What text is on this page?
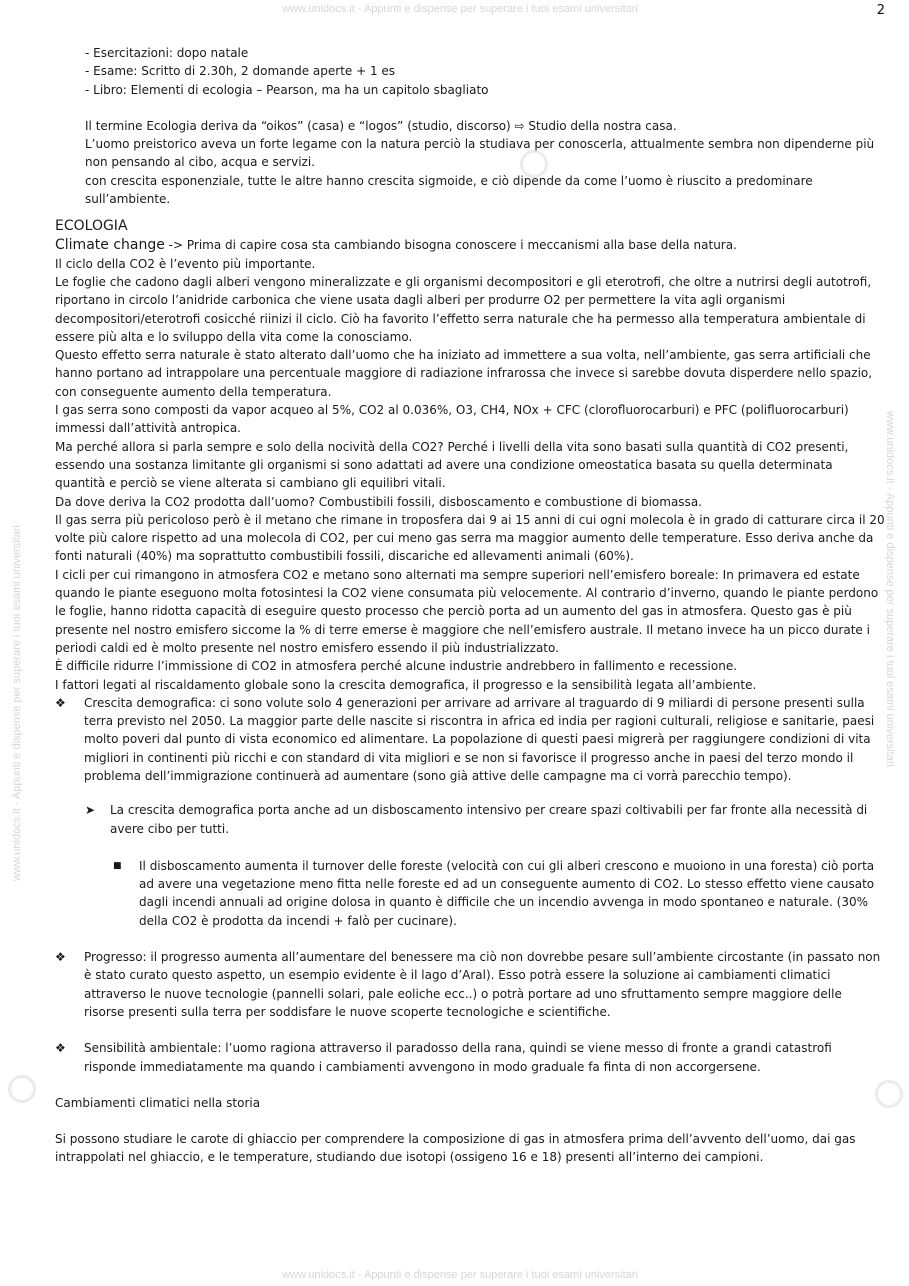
www.unidocs.it - Appunti e dispense per superare i tuoi esami universitari
www.unidocs.it - Appunti e dispense per superare i tuoi esami universitari
www.unidocs.it - Appunti e dispense per superare i tuoi esami universitari	www.unidocs.it - Appunti e dispense per superare i tuoi esami universitari
2
- Esercitazioni: dopo natale
- Esame: Scritto di 2.30h, 2 domande aperte + 1 es
- Libro: Elementi di ecologia – Pearson, ma ha un capitolo sbagliato
Il termine Ecologia deriva da “oikos” (casa) e “logos” (studio, discorso) ⇨ Studio della nostra casa.
L’uomo preistorico aveva un forte legame con la natura perciò la studiava per conoscerla, attualmente sembra non dipenderne più non pensando al cibo, acqua e servizi.
con crescita esponenziale, tutte le altre hanno crescita sigmoide, e ciò dipende da come l’uomo è riuscito a predominare sull’ambiente.
ECOLOGIA
Climate change -> Prima di capire cosa sta cambiando bisogna conoscere i meccanismi alla base della natura.
Il ciclo della CO2 è l’evento più importante.
Le foglie che cadono dagli alberi vengono mineralizzate e gli organismi decompositori e gli eterotrofi, che oltre a nutrirsi degli autotrofi, riportano in circolo l’anidride carbonica che viene usata dagli alberi per produrre O2 per permettere la vita agli organismi decompositori/eterotrofi cosicché riinizi il ciclo. Ciò ha favorito l’effetto serra naturale che ha permesso alla temperatura ambientale di essere più alta e lo sviluppo della vita come la conosciamo.
Questo effetto serra naturale è stato alterato dall’uomo che ha iniziato ad immettere a sua volta, nell’ambiente, gas serra artificiali che hanno portano ad intrappolare una percentuale maggiore di radiazione infrarossa che invece si sarebbe dovuta disperdere nello spazio, con conseguente aumento della temperatura.
I gas serra sono composti da vapor acqueo al 5%, CO2 al 0.036%, O3, CH4, NOx + CFC (clorofluorocarburi) e PFC (polifluorocarburi) immessi dall’attività antropica.
Ma perché allora si parla sempre e solo della nocività della CO2? Perché i livelli della vita sono basati sulla quantità di CO2 presenti, essendo una sostanza limitante gli organismi si sono adattati ad avere una condizione omeostatica basata su quella determinata quantità e perciò se viene alterata si cambiano gli equilibri vitali.
Da dove deriva la CO2 prodotta dall’uomo? Combustibili fossili, disboscamento e combustione di biomassa.
Il gas serra più pericoloso però è il metano che rimane in troposfera dai 9 ai 15 anni di cui ogni molecola è in grado di catturare circa il 20 volte più calore rispetto ad una molecola di CO2, per cui meno gas serra ma maggior aumento delle temperature. Esso deriva anche da fonti naturali (40%) ma soprattutto combustibili fossili, discariche ed allevamenti animali (60%).
I cicli per cui rimangono in atmosfera CO2 e metano sono alternati ma sempre superiori nell’emisfero boreale: In primavera ed estate quando le piante eseguono molta fotosintesi la CO2 viene consumata più velocemente. Al contrario d’inverno, quando le piante perdono le foglie, hanno ridotta capacità di eseguire questo processo che perciò porta ad un aumento del gas in atmosfera. Questo gas è più presente nel nostro emisfero siccome la % di terre emerse è maggiore che nell’emisfero australe. Il metano invece ha un picco durate i periodi caldi ed è molto presente nel nostro emisfero essendo il più industrializzato.
È difficile ridurre l’immissione di CO2 in atmosfera perché alcune industrie andrebbero in fallimento e recessione.
I fattori legati al riscaldamento globale sono la crescita demografica, il progresso e la sensibilità legata all’ambiente.
❖ Crescita demografica: ci sono volute solo 4 generazioni per arrivare ad arrivare al traguardo di 9 miliardi di persone presenti sulla terra previsto nel 2050. La maggior parte delle nascite si riscontra in africa ed india per ragioni culturali, religiose e sanitarie, paesi molto poveri dal punto di vista economico ed alimentare. La popolazione di questi paesi migrerà per raggiungere condizioni di vita migliori in continenti più ricchi e con standard di vita migliori e se non si favorisce il progresso anche in paesi del terzo mondo il problema dell’immigrazione continuerà ad aumentare (sono già attive delle campagne ma ci vorrà parecchio tempo).
➤ La crescita demografica porta anche ad un disboscamento intensivo per creare spazi coltivabili per far fronte alla necessità di avere cibo per tutti.
■ Il disboscamento aumenta il turnover delle foreste (velocità con cui gli alberi crescono e muoiono in una foresta) ciò porta ad avere una vegetazione meno fitta nelle foreste ed ad un conseguente aumento di CO2. Lo stesso effetto viene causato dagli incendi annuali ad origine dolosa in quanto è difficile che un incendio avvenga in modo spontaneo e naturale. (30% della CO2 è prodotta da incendi + falò per cucinare).
❖ Progresso: il progresso aumenta all’aumentare del benessere ma ciò non dovrebbe pesare sull’ambiente circostante (in passato non è stato curato questo aspetto, un esempio evidente è il lago d’Aral). Esso potrà essere la soluzione ai cambiamenti climatici attraverso le nuove tecnologie (pannelli solari, pale eoliche ecc..) o potrà portare ad uno sfruttamento sempre maggiore delle risorse presenti sulla terra per soddisfare le nuove scoperte tecnologiche e scientifiche.
❖ Sensibilità ambientale: l’uomo ragiona attraverso il paradosso della rana, quindi se viene messo di fronte a grandi catastrofi risponde immediatamente ma quando i cambiamenti avvengono in modo graduale fa finta di non accorgersene.
Cambiamenti climatici nella storia
Si possono studiare le carote di ghiaccio per comprendere la composizione di gas in atmosfera prima dell’avvento dell’uomo, dai gas intrappolati nel ghiaccio, e le temperature, studiando due isotopi (ossigeno 16 e 18) presenti all’interno dei campioni.
